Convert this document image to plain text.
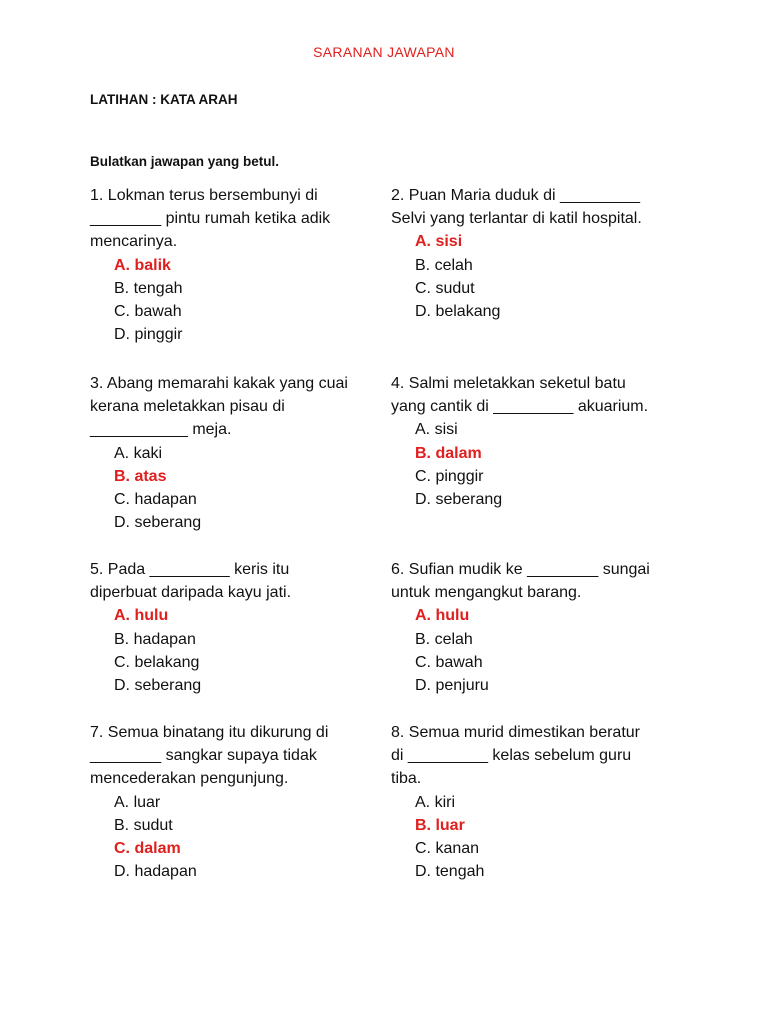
SARANAN JAWAPAN
LATIHAN : KATA ARAH
Bulatkan jawapan yang betul.
1. Lokman terus bersembunyi di
________ pintu rumah ketika adik
mencarinya.
A. balik
B. tengah
C. bawah
D. pinggir
2. Puan Maria duduk di _________
Selvi yang terlantar di katil hospital.
A. sisi
B. celah
C. sudut
D. belakang
3. Abang memarahi kakak yang cuai
kerana meletakkan pisau di
___________ meja.
A. kaki
B. atas
C. hadapan
D. seberang
4. Salmi meletakkan seketul batu
yang cantik di _________ akuarium.
A. sisi
B. dalam
C. pinggir
D. seberang
5. Pada _________ keris itu
diperbuat daripada kayu jati.
A. hulu
B. hadapan
C. belakang
D. seberang
6. Sufian mudik ke ________ sungai
untuk mengangkut barang.
A. hulu
B. celah
C. bawah
D. penjuru
7. Semua binatang itu dikurung di
________ sangkar supaya tidak
mencederakan pengunjung.
A. luar
B. sudut
C. dalam
D. hadapan
8. Semua murid dimestikan beratur
di _________ kelas sebelum guru
tiba.
A. kiri
B. luar
C. kanan
D. tengah
